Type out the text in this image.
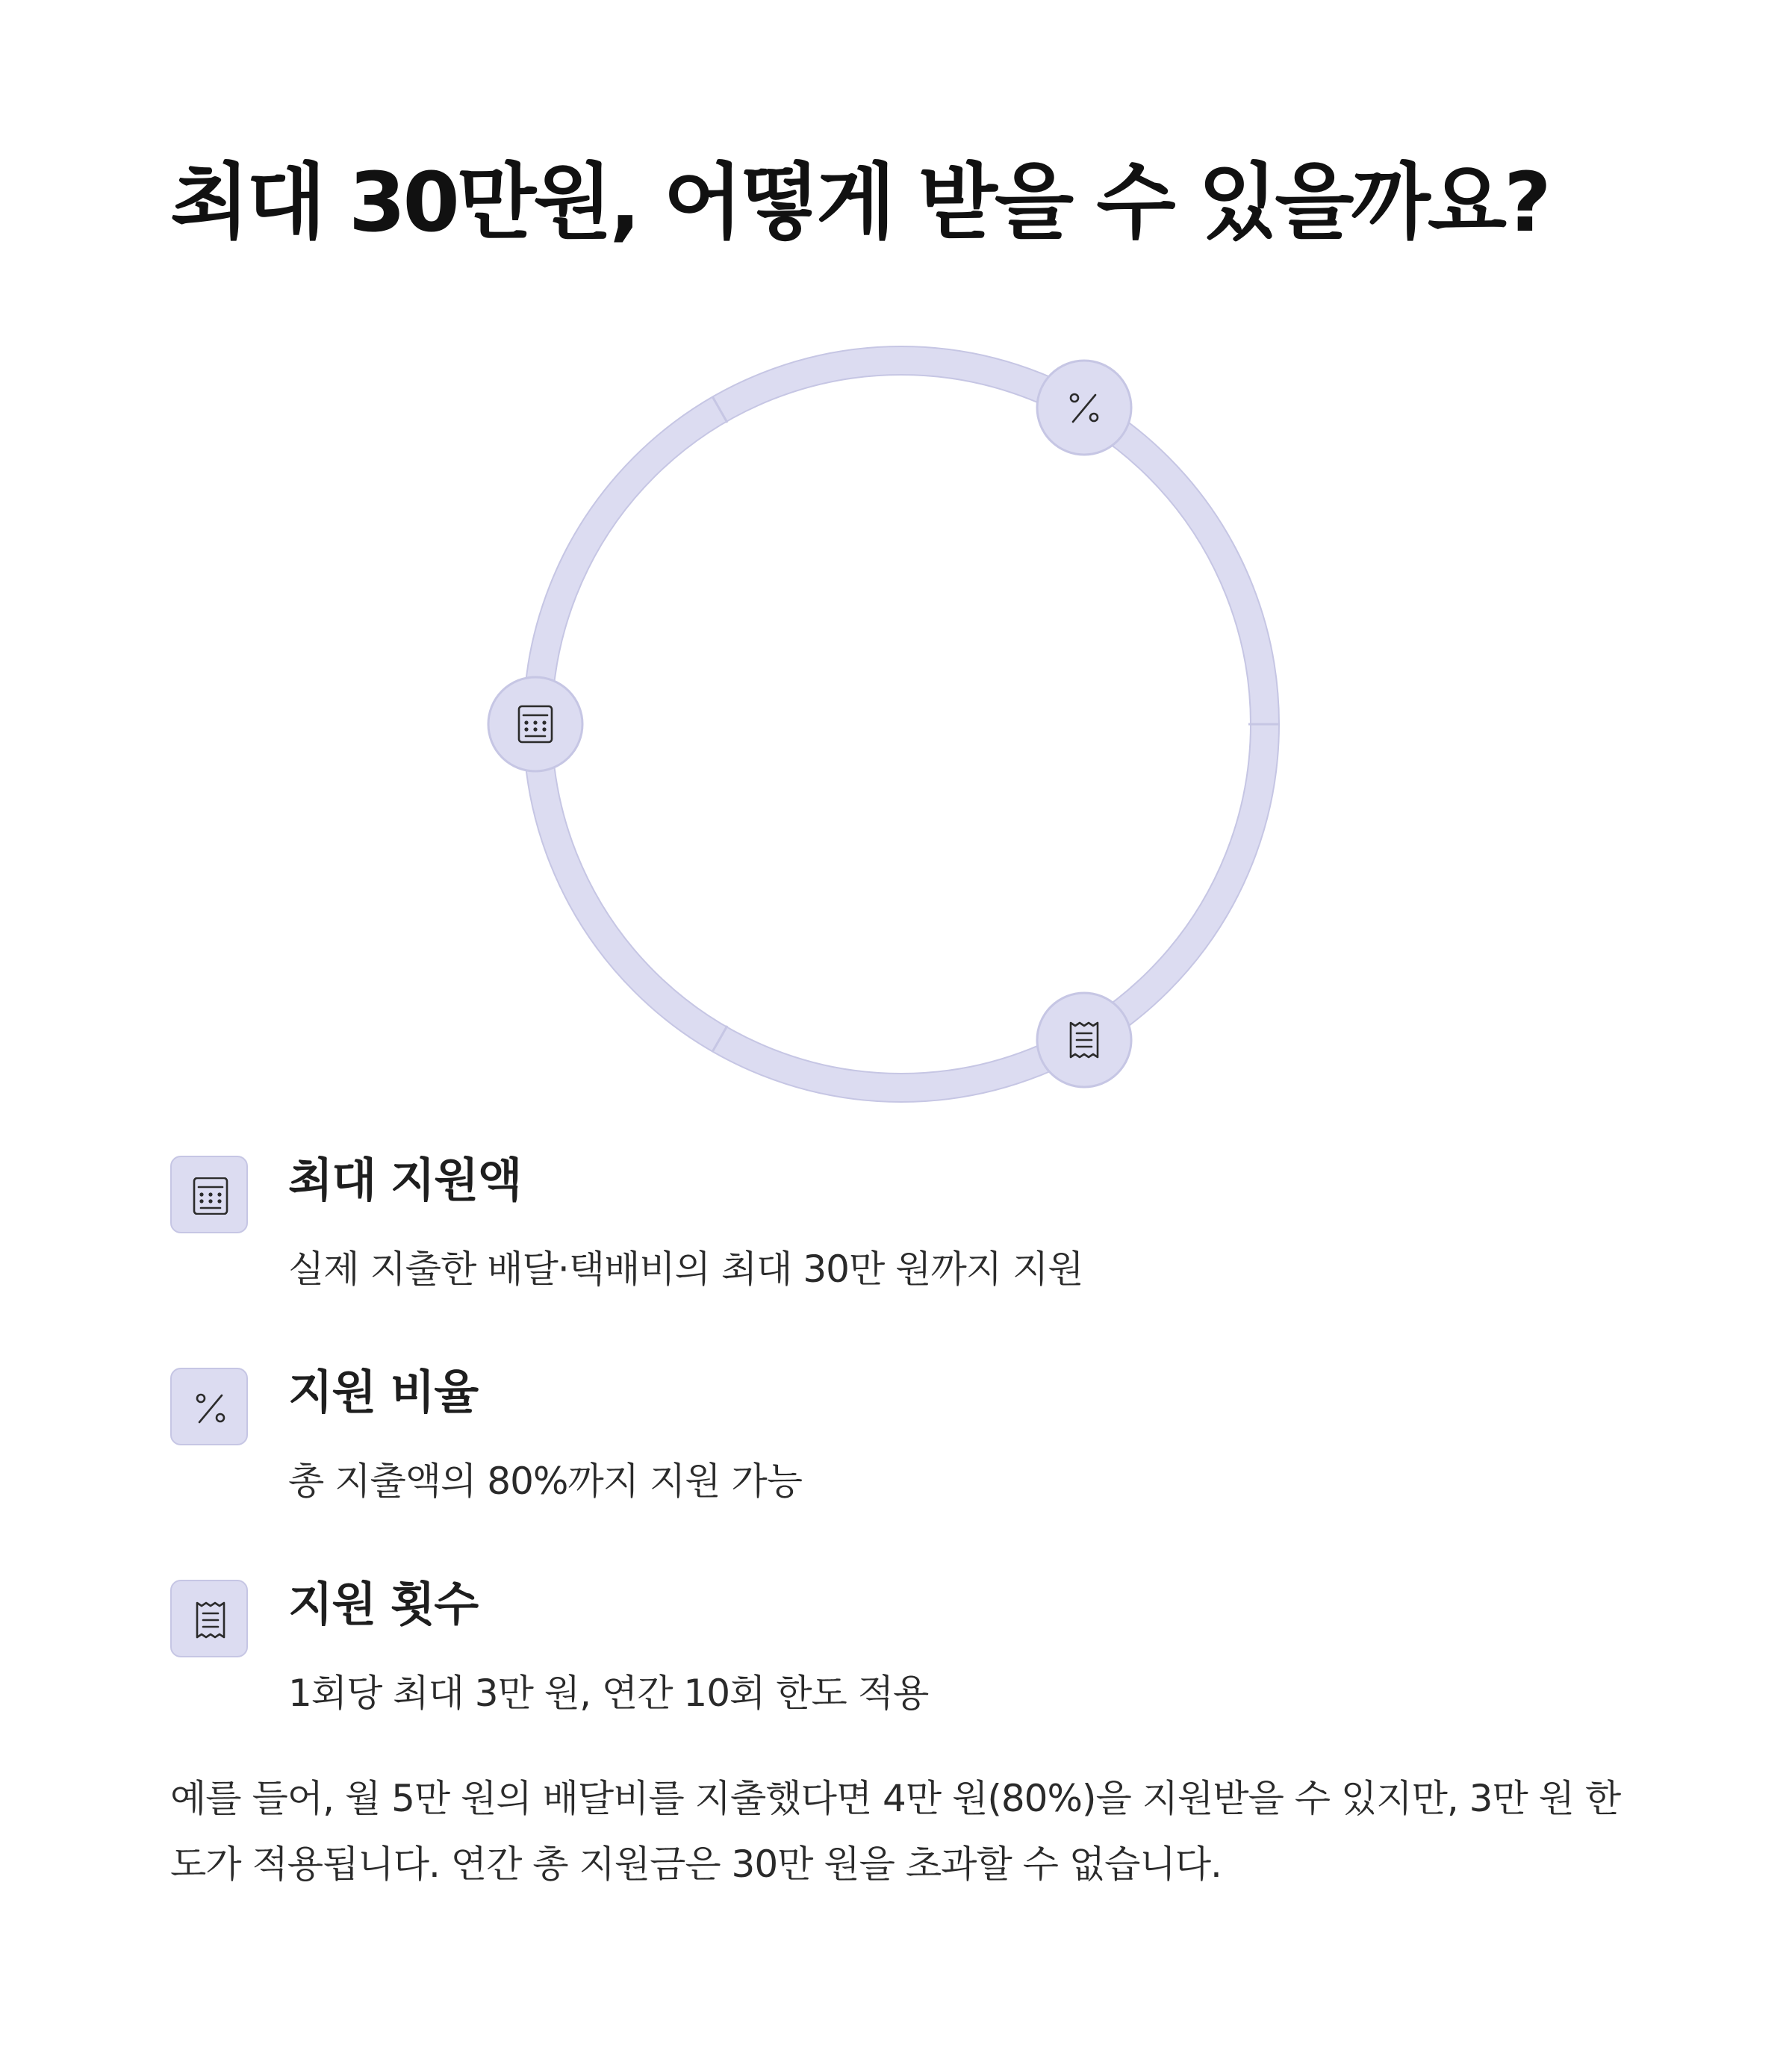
최대 30만원, 어떻게 받을 수 있을까요?
최대 지원액

실제 지출한 배달·택배비의 최대 30만 원까지 지원

지원 비율

총 지출액의 80%까지 지원 가능

지원 횟수

1회당 최대 3만 원, 연간 10회 한도 적용

예를 들어, 월 5만 원의 배달비를 지출했다면 4만 원(80%)을 지원받을 수 있지만, 3만 원 한도가 적용됩니다. 연간 총 지원금은 30만 원을 초과할 수 없습니다.
